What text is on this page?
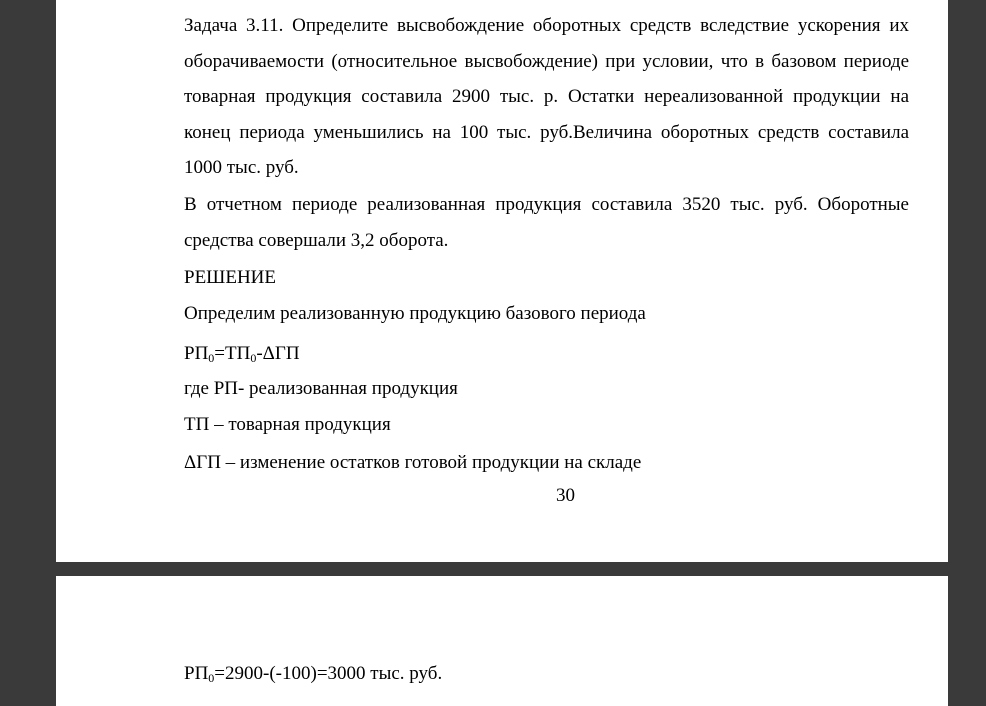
Задача 3.11. Определите высвобождение оборотных средств вследствие ускорения их оборачиваемости (относительное высвобождение) при условии, что в базовом периоде товарная продукция составила 2900 тыс. р. Остатки нереализованной продукции на конец периода уменьшились на 100 тыс. руб.Величина оборотных средств составила 1000 тыс. руб.

В отчетном периоде реализованная продукция составила 3520 тыс. руб. Оборотные средства совершали 3,2 оборота.

РЕШЕНИЕ
Определим реализованную продукцию базового периода
$РП_0=ТП_0$-ΔГП
где РП- реализованная продукция
ТП – товарная продукция
ΔГП – изменение остатков готовой продукции на складе
30
$РП_0=2900-(-100)=3000$ тыс. руб.
